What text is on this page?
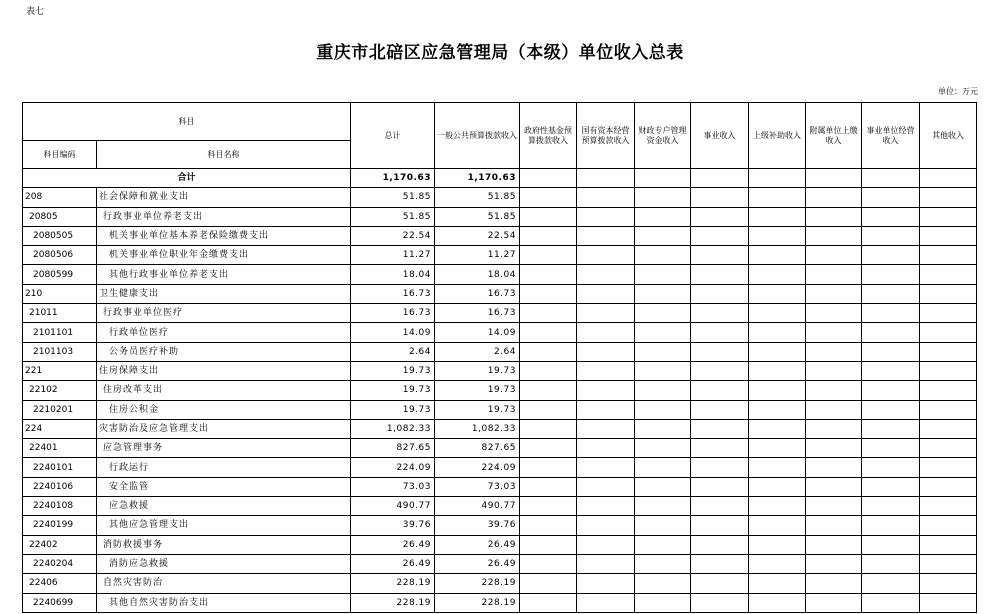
表七
重庆市北碚区应急管理局（本级）单位收入总表
单位：万元
科目		总计	一般公共预算拨款收入	政府性基金预算拨款收入	国有资本经营预算拨款收入	财政专户管理资金收入	事业收入	上级补助收入	附属单位上缴收入	事业单位经营收入	其他收入
科目编码	科目名称										
合计		1,170.63	1,170.63								
208	社会保障和就业支出	51.85	51.85								
20805	行政事业单位养老支出	51.85	51.85								
2080505	机关事业单位基本养老保险缴费支出	22.54	22.54								
2080506	机关事业单位职业年金缴费支出	11.27	11.27								
2080599	其他行政事业单位养老支出	18.04	18.04								
210	卫生健康支出	16.73	16.73								
21011	行政事业单位医疗	16.73	16.73								
2101101	行政单位医疗	14.09	14.09								
2101103	公务员医疗补助	2.64	2.64								
221	住房保障支出	19.73	19.73								
22102	住房改革支出	19.73	19.73								
2210201	住房公积金	19.73	19.73								
224	灾害防治及应急管理支出	1,082.33	1,082.33								
22401	应急管理事务	827.65	827.65								
2240101	行政运行	224.09	224.09								
2240106	安全监管	73.03	73.03								
2240108	应急救援	490.77	490.77								
2240199	其他应急管理支出	39.76	39.76								
22402	消防救援事务	26.49	26.49								
2240204	消防应急救援	26.49	26.49								
22406	自然灾害防治	228.19	228.19								
2240699	其他自然灾害防治支出	228.19	228.19								
